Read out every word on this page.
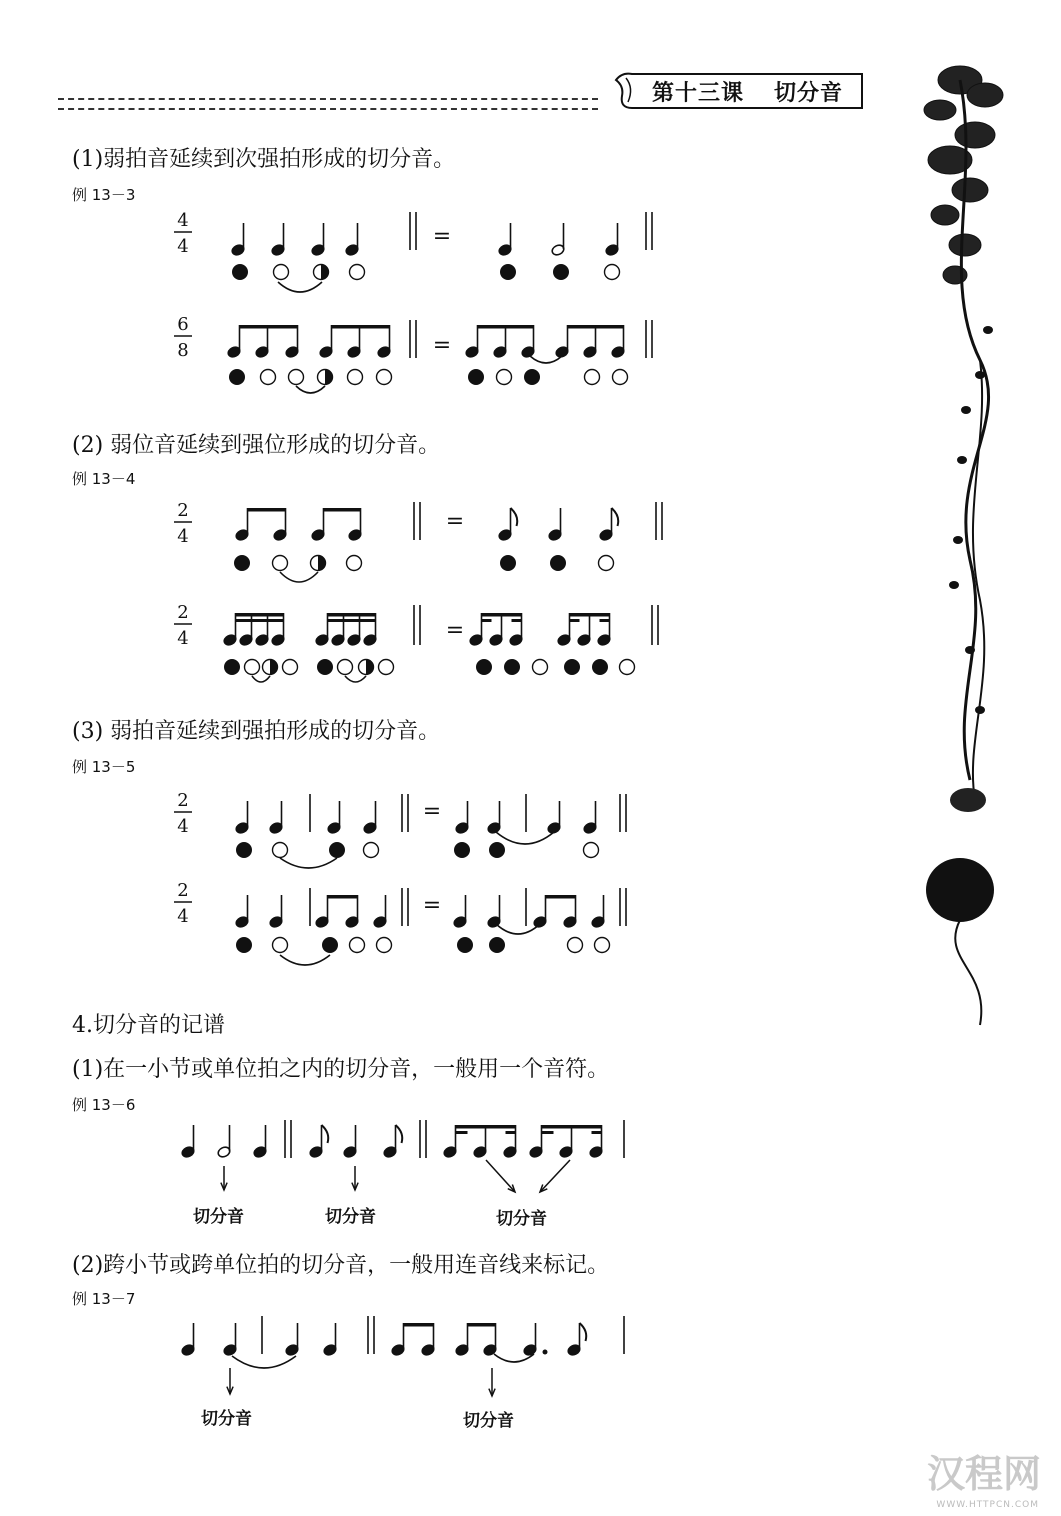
第十三课 切分音
(1)弱拍音延续到次强拍形成的切分音。
例 13－3
(2) 弱位音延续到强位形成的切分音。
例 13－4
(3) 弱拍音延续到强拍形成的切分音。
例 13－5
4.切分音的记谱
(1)在一小节或单位拍之内的切分音，一般用一个音符。
例 13－6
(2)跨小节或跨单位拍的切分音，一般用连音线来标记。
例 13－7
4
4
6
8
2
4
2
4
2
4
2
4
=
=
=
=
=
=
切分音	切分音	切分音
切分音	切分音
汉程网
WWW.HTTPCN.COM
